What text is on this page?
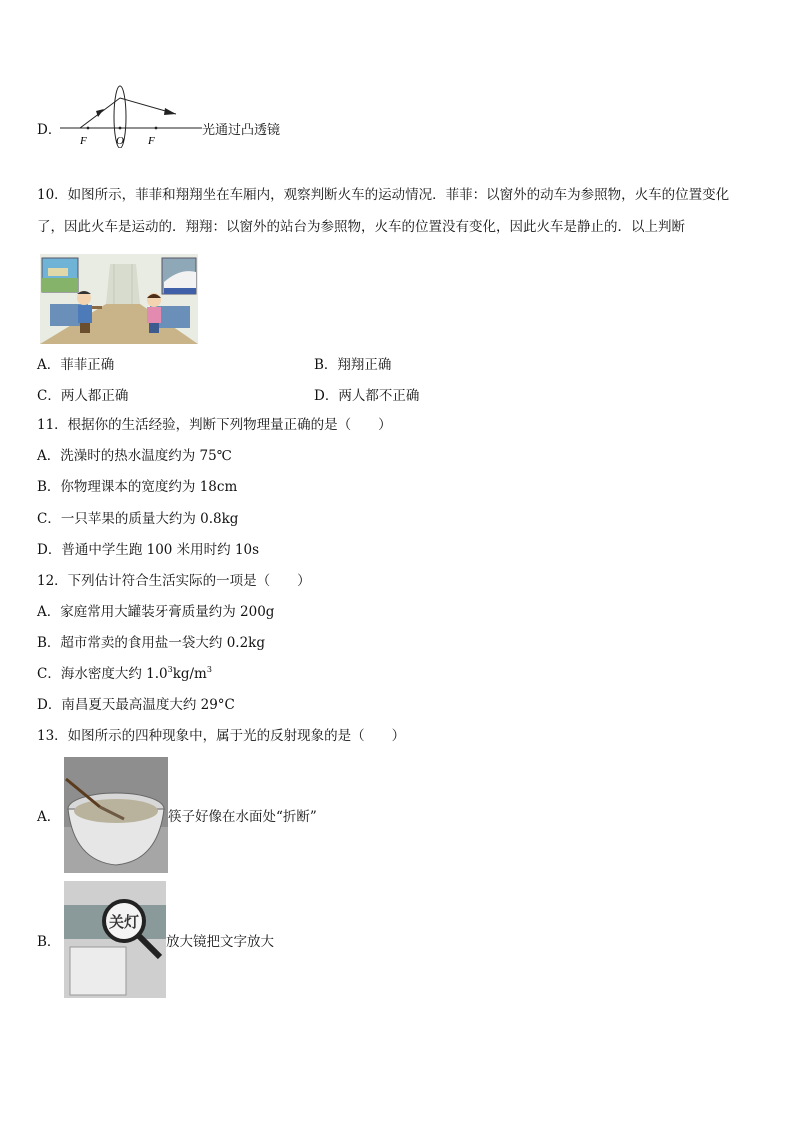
D．
F	O F
光通过凸透镜
10．如图所示，菲菲和翔翔坐在车厢内，观察判断火车的运动情况．菲菲：以窗外的动车为参照物，火车的位置变化
了，因此火车是运动的．翔翔：以窗外的站台为参照物，火车的位置没有变化，因此火车是静止的．以上判断
A．菲菲正确	B．翔翔正确
C．两人都正确	D．两人都不正确
11．根据你的生活经验，判断下列物理量正确的是（　　）
A．洗澡时的热水温度约为 75℃
B．你物理课本的宽度约为 18cm
C．一只苹果的质量大约为 0.8kg
D．普通中学生跑 100 米用时约 10s
12．下列估计符合生活实际的一项是（　　）
A．家庭常用大罐装牙膏质量约为 200g
B．超市常卖的食用盐一袋大约 0.2kg
C．海水密度大约 $1.0^3kg/m^3$
D．南昌夏天最高温度大约 29°C
13．如图所示的四种现象中，属于光的反射现象的是（　　）
A．	筷子好像在水面处“折断”
B．
关灯
放大镜把文字放大
